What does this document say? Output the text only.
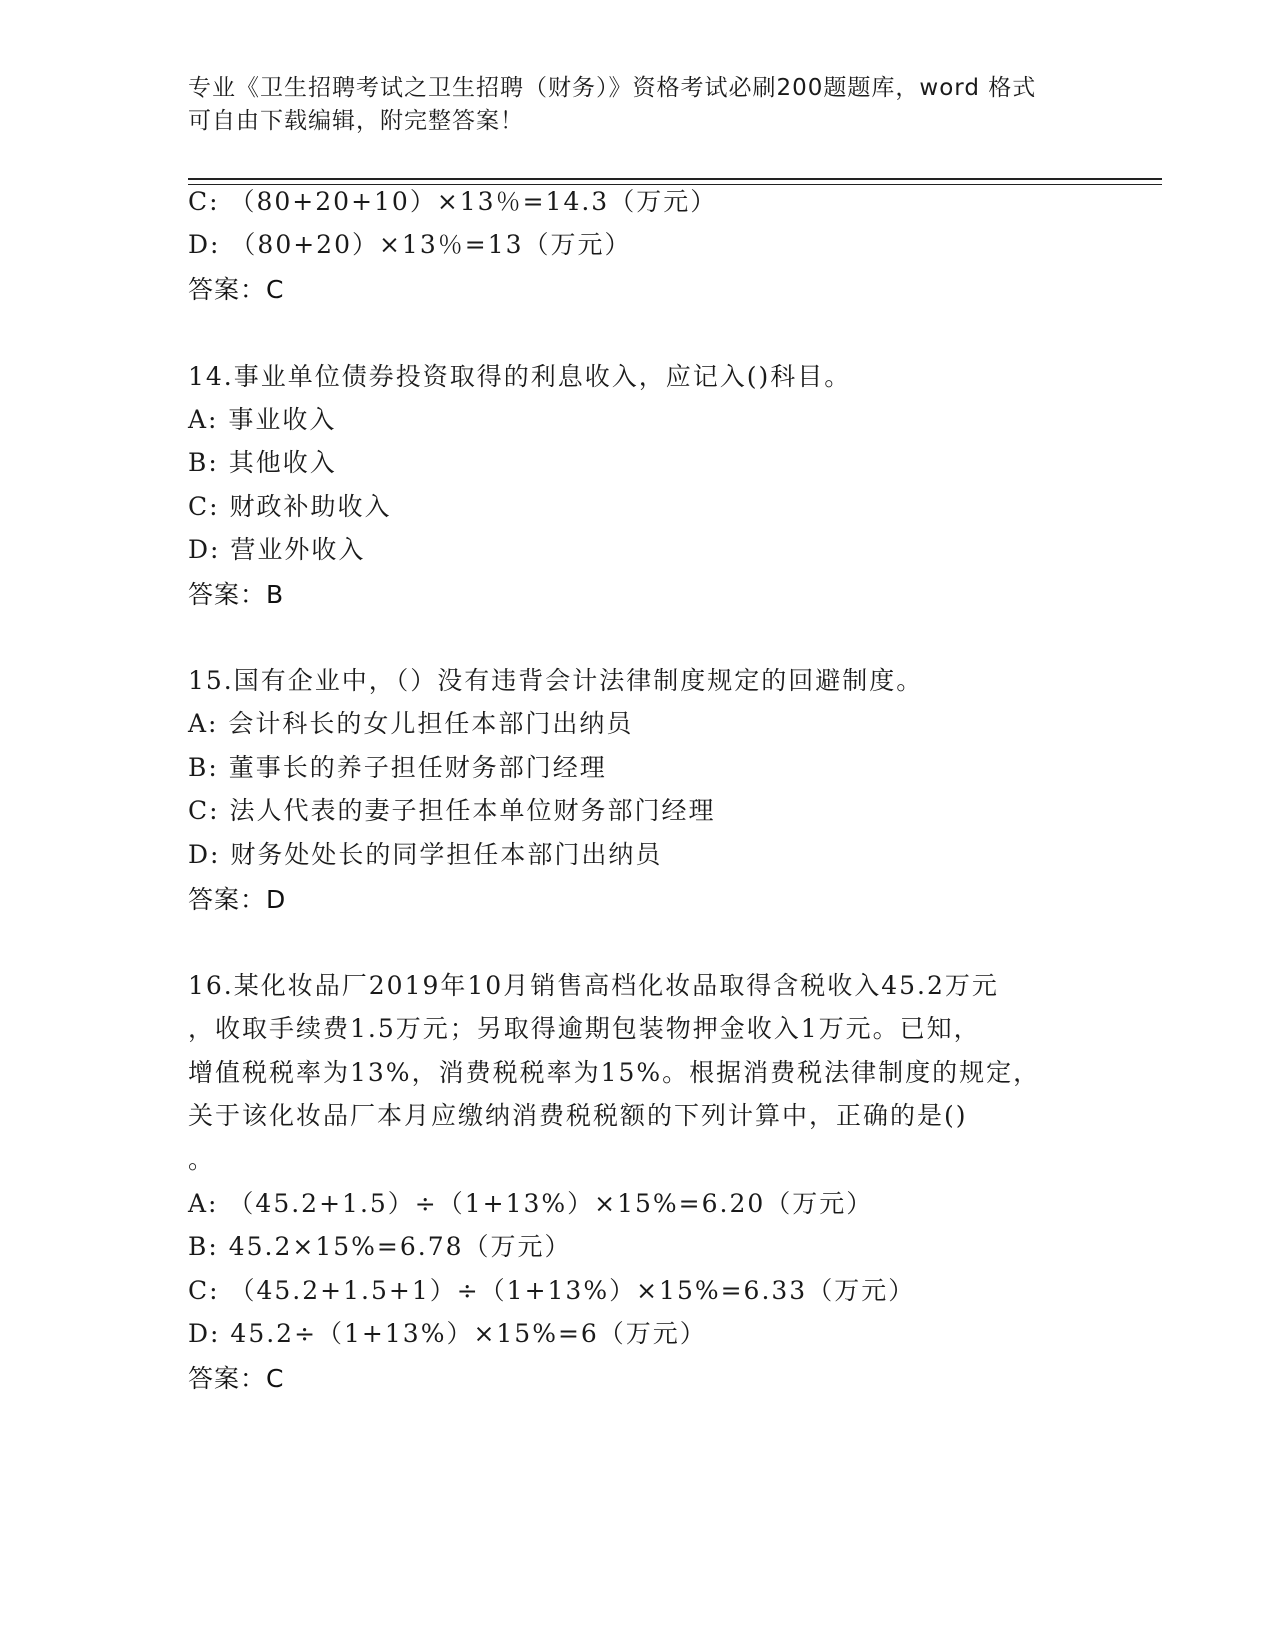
专业《卫生招聘考试之卫生招聘（财务）》资格考试必刷200题题库，word 格式
可自由下载编辑，附完整答案！
C: （80+20+10）×13％=14.3（万元）
D: （80+20）×13％=13（万元）
答案：C
14.事业单位债券投资取得的利息收入，应记入()科目。
A: 事业收入
B: 其他收入
C: 财政补助收入
D: 营业外收入
答案：B
15.国有企业中，（）没有违背会计法律制度规定的回避制度。
A: 会计科长的女儿担任本部门出纳员
B: 董事长的养子担任财务部门经理
C: 法人代表的妻子担任本单位财务部门经理
D: 财务处处长的同学担任本部门出纳员
答案：D
16.某化妆品厂2019年10月销售高档化妆品取得含税收入45.2万元
，收取手续费1.5万元；另取得逾期包装物押金收入1万元。已知，
增值税税率为13%，消费税税率为15%。根据消费税法律制度的规定，
关于该化妆品厂本月应缴纳消费税税额的下列计算中，正确的是()
。
A: （45.2+1.5）÷（1+13%）×15%=6.20（万元）
B: 45.2×15%=6.78（万元）
C: （45.2+1.5+1）÷（1+13%）×15%=6.33（万元）
D: 45.2÷（1+13%）×15%=6（万元）
答案：C
